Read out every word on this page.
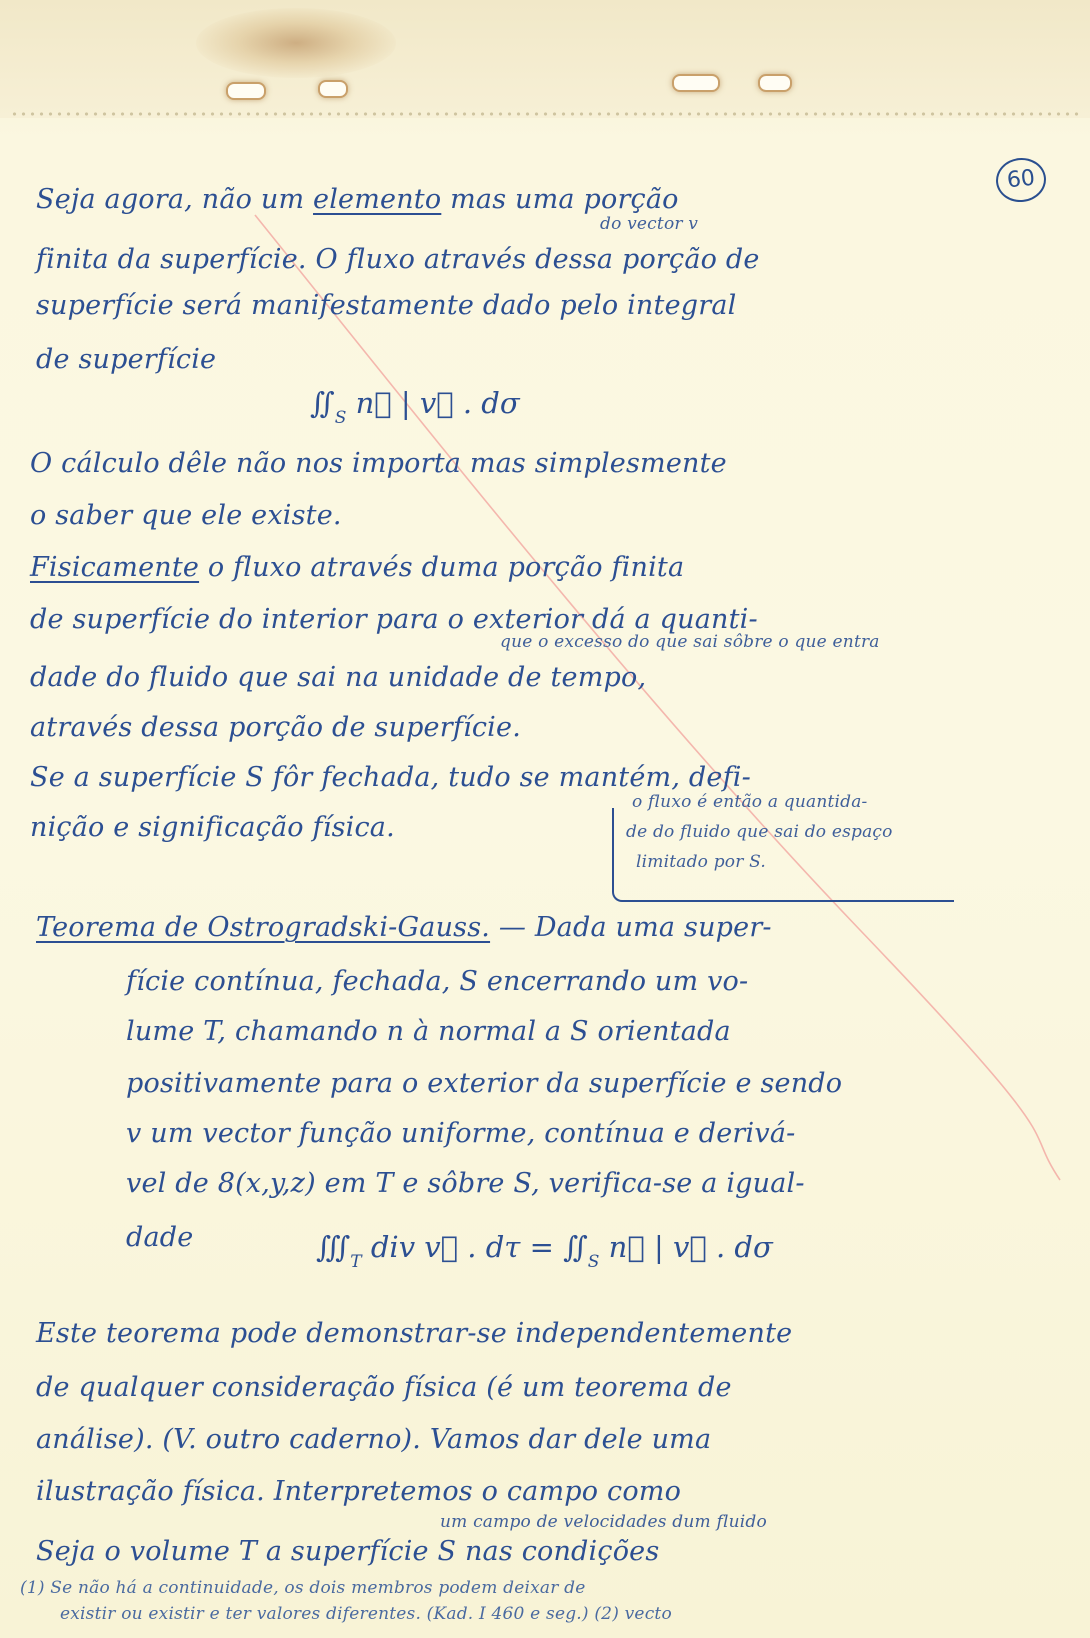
60
do vector v
Seja agora, não um elemento mas uma porção
finita da superfície. O fluxo através dessa porção de
superfície será manifestamente dado pelo integral
de superfície
$∬_S$ n⃗ | v⃗ . dσ
O cálculo dêle não nos importa mas simplesmente
o saber que ele existe.
Fisicamente o fluxo através duma porção finita
de superfície do interior para o exterior dá a quanti-
que o excesso do que sai sôbre o que entra
dade do fluido que sai na unidade de tempo,
através dessa porção de superfície.
Se a superfície S fôr fechada, tudo se mantém, defi-
nição e significação física.
o fluxo é então a quantida-
de do fluido que sai do espaço
limitado por S.
Teorema de Ostrogradski-Gauss. — Dada uma super-
fície contínua, fechada, S encerrando um vo-
lume T, chamando n à normal a S orientada
positivamente para o exterior da superfície e sendo
v um vector função uniforme, contínua e derivá-
vel de 8(x,y,z) em T e sôbre S, verifica-se a igual-
dade	$∭_T$ div v⃗ . $d\tau = ∬_S$ n⃗ | v⃗ . dσ
Este teorema pode demonstrar-se independentemente
de qualquer consideração física (é um teorema de
análise). (V. outro caderno). Vamos dar dele uma
ilustração física. Interpretemos o campo como
um campo de velocidades dum fluido
Seja o volume T a superfície S nas condições
(1) Se não há a continuidade, os dois membros podem deixar de
existir ou existir e ter valores diferentes. (Kad. I 460 e seg.) (2) vecto
